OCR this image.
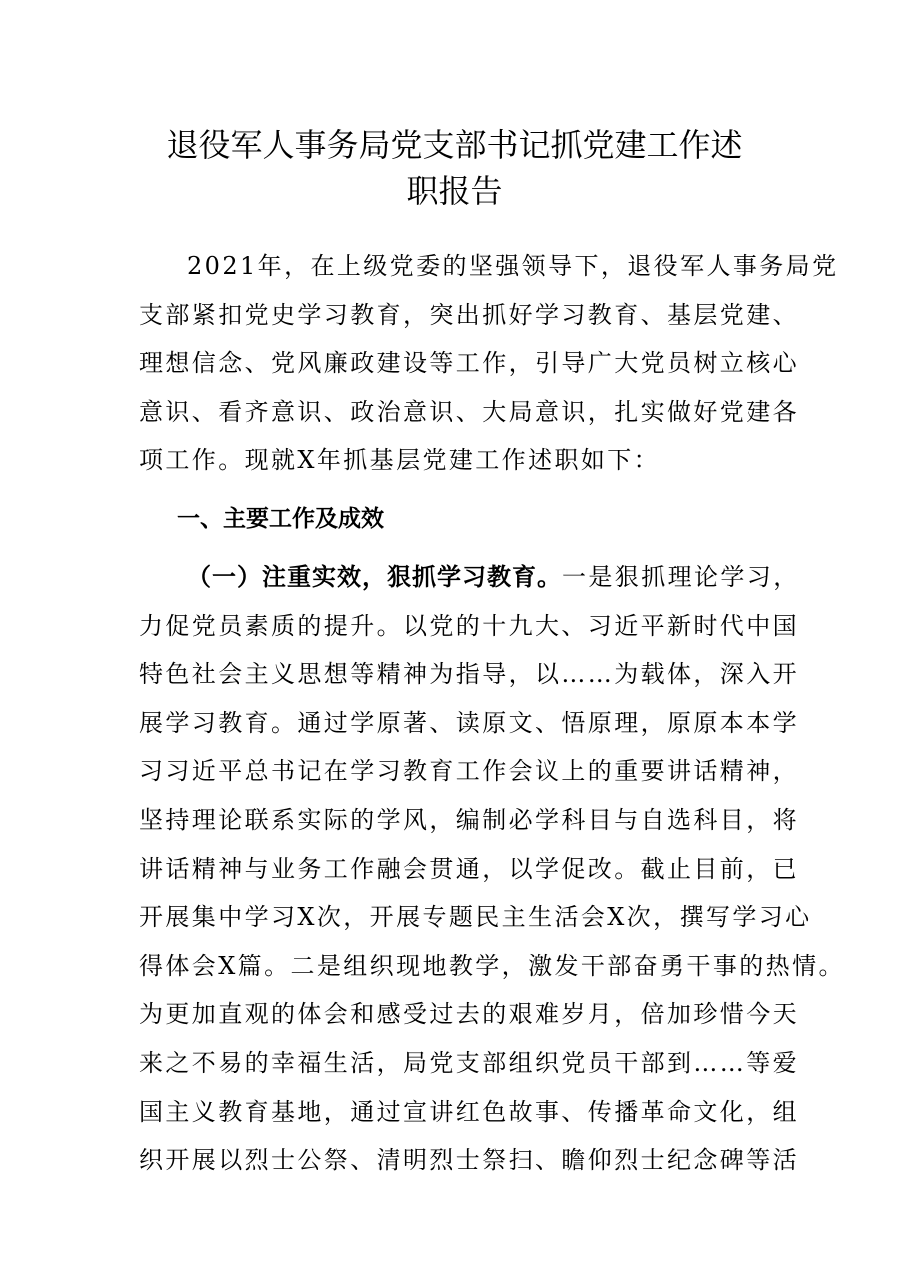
退役军人事务局党支部书记抓党建工作述
职报告

2021年，在上级党委的坚强领导下，退役军人事务局党
支部紧扣党史学习教育，突出抓好学习教育、基层党建、
理想信念、党风廉政建设等工作，引导广大党员树立核心
意识、看齐意识、政治意识、大局意识，扎实做好党建各
项工作。现就X年抓基层党建工作述职如下：

一、主要工作及成效

（一）注重实效，狠抓学习教育。一是狠抓理论学习，
力促党员素质的提升。以党的十九大、习近平新时代中国
特色社会主义思想等精神为指导，以……为载体，深入开
展学习教育。通过学原著、读原文、悟原理，原原本本学
习习近平总书记在学习教育工作会议上的重要讲话精神，
坚持理论联系实际的学风，编制必学科目与自选科目，将
讲话精神与业务工作融会贯通，以学促改。截止目前，已
开展集中学习X次，开展专题民主生活会X次，撰写学习心
得体会X篇。二是组织现地教学，激发干部奋勇干事的热情。
为更加直观的体会和感受过去的艰难岁月，倍加珍惜今天
来之不易的幸福生活，局党支部组织党员干部到……等爱
国主义教育基地，通过宣讲红色故事、传播革命文化，组
织开展以烈士公祭、清明烈士祭扫、瞻仰烈士纪念碑等活
